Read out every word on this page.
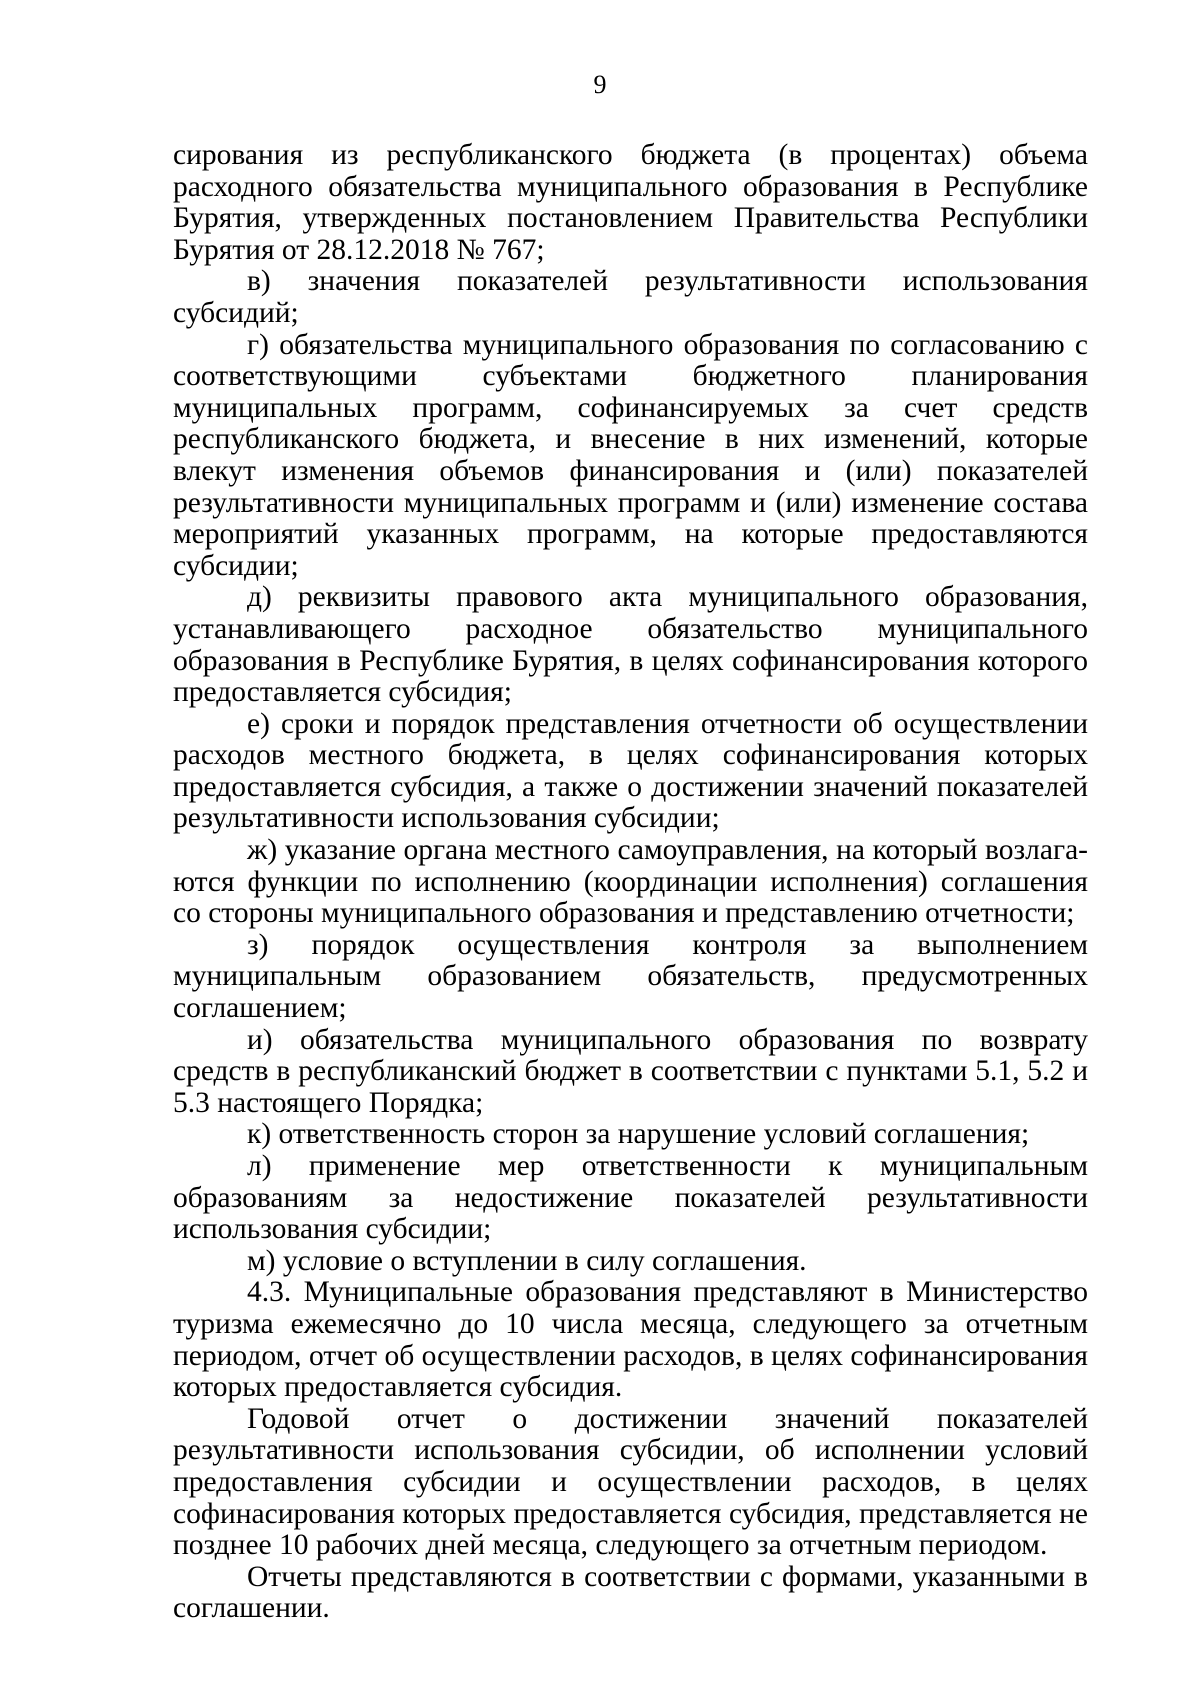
9

сирования из республиканского бюджета (в процентах) объема расходного обязательства муниципального образования в Республике Бурятия, утвержденных постановлением Правительства Республики Бурятия от 28.12.2018 № 767;

в) значения показателей результативности использования субсидий;

г) обязательства муниципального образования по согласованию с соответствующими субъектами бюджетного планирования муниципальных программ, софинансируемых за счет средств республиканского бюджета, и внесение в них изменений, которые влекут изменения объемов финансирования и (или) показателей результативности муниципальных программ и (или) изменение состава мероприятий указанных программ, на которые предоставляются субсидии;

д) реквизиты правового акта муниципального образования, устанавливающего расходное обязательство муниципального образования в Республике Бурятия, в целях софинансирования которого предоставляется субсидия;

е) сроки и порядок представления отчетности об осуществлении расходов местного бюджета, в целях софинансирования которых предоставляется субсидия, а также о достижении значений показателей результативности использования субсидии;

ж) указание органа местного самоуправления, на который возлагаются функции по исполнению (координации исполнения) соглашения со стороны муниципального образования и представлению отчетности;

з) порядок осуществления контроля за выполнением муниципальным образованием обязательств, предусмотренных соглашением;

и) обязательства муниципального образования по возврату средств в республиканский бюджет в соответствии с пунктами 5.1, 5.2 и 5.3 настоящего Порядка;

к) ответственность сторон за нарушение условий соглашения;

л) применение мер ответственности к муниципальным образованиям за недостижение показателей результативности использования субсидии;

м) условие о вступлении в силу соглашения.

4.3. Муниципальные образования представляют в Министерство туризма ежемесячно до 10 числа месяца, следующего за отчетным периодом, отчет об осуществлении расходов, в целях софинансирования которых предоставляется субсидия.

Годовой отчет о достижении значений показателей результативности использования субсидии, об исполнении условий предоставления субсидии и осуществлении расходов, в целях софинасирования которых предоставляется субсидия, представляется не позднее 10 рабочих дней месяца, следующего за отчетным периодом.

Отчеты представляются в соответствии с формами, указанными в соглашении.
